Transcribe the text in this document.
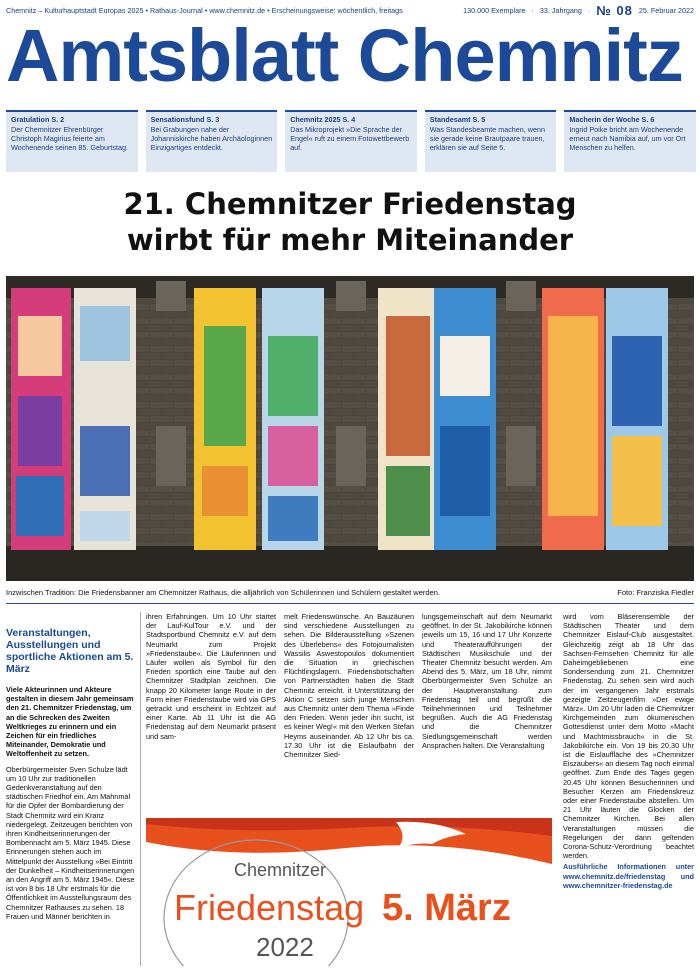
Chemnitz – Kulturhauptstadt Europas 2025 • Rathaus-Journal • www.chemnitz.de • Erscheinungsweise: wöchentlich, freitags	130.000 Exemplare · 33. Jahrgang · № 08 25. Februar 2022
Amtsblatt Chemnitz
Gratulation S. 2
Der Chemnitzer Ehrenbürger Christoph Magirius feierte am Wochenende seinen 85. Geburtstag.
Sensationsfund S. 3
Bei Grabungen nahe der Johanniskirche haben Archäologinnen Einzigartiges entdeckt.
Chemnitz 2025 S. 4
Das Mikroprojekt »Die Sprache der Engel« ruft zu einem Fotowettbewerb auf.
Standesamt S. 5
Was Standesbeamte machen, wenn sie gerade keine Brautpaare trauen, erklären sie auf Seite 5.
Macherin der Woche S. 6
Ingrid Poike bricht am Wochenende erneut nach Namibia auf, um vor Ort Menschen zu helfen.
21. Chemnitzer Friedenstag
wirbt für mehr Miteinander
Inzwischen Tradition: Die Friedensbanner am Chemnitzer Rathaus, die alljährlich von Schülerinnen und Schülern gestaltet werden.	Foto: Franziska Fiedler
Veranstaltungen, Ausstellungen und sportliche Aktionen am 5. März

Viele Akteurinnen und Akteure gestalten in diesem Jahr gemeinsam den 21. Chemnitzer Friedenstag, um an die Schrecken des Zweiten Weltkrieges zu erinnern und ein Zeichen für ein friedliches Miteinander, Demokratie und Weltoffenheit zu setzen.

Oberbürgermeister Sven Schulze lädt um 10 Uhr zur traditionellen Gedenkveranstaltung auf den städtischen Friedhof ein. Am Mahnmal für die Opfer der Bombardierung der Stadt Chemnitz wird ein Kranz niedergelegt. Zeitzeugen berichten von ihren Kindheitserinnerungen der Bombennacht am 5. März 1945. Diese Erinnerungen stehen auch im Mittelpunkt der Ausstellung »Bei Eintritt der Dunkelheit – Kindheitserinnerungen an den Angriff am 5. März 1945«. Diese ist von 8 bis 18 Uhr erstmals für die Öffentlichkeit im Ausstellungsraum des Chemnitzer Rathauses zu sehen. 18 Frauen und Männer berichten in

ihren Erfahrungen. Um 10 Uhr startet der Lauf-KulTour e.V. und der Stadtsportbund Chemnitz e.V. auf dem Neumarkt zum Projekt »Friedenstaube«. Die Läuferinnen und Läufer wollen als Symbol für den Frieden sportlich eine Taube auf den Chemnitzer Stadtplan zeichnen. Die knapp 20 Kilometer lange Route in der Form einer Friedenstaube wird via GPS getrackt und erscheint in Echtzeit auf einer Karte. Ab 11 Uhr ist die AG Friedenstag auf dem Neumarkt präsent und sam-

melt Friedenswünsche. An Bauzäunen sind verschiedene Ausstellungen zu sehen. Die Bilderausstellung »Szenen des Überlebens« des Fotojournalisten Wassilis Aswestopoulos dokumentiert die Situation in griechischen Flüchtlingslagern. Friedensbotschaften von Partnerstädten haben die Stadt Chemnitz erreicht. it Unterstützung der Aktion C setzen sich junge Menschen aus Chemnitz unter dem Thema »Finde den Frieden. Wenn jeder ihn sucht, ist es keiner Weg!« mit den Werken Stefan Heyms auseinander. Ab 12 Uhr bis ca. 17.30 Uhr ist die Eislaufbahn der Chemnitzer Sied-

lungsgemeinschaft auf dem Neumarkt geöffnet. In der St. Jakobikirche können jeweils um 15, 16 und 17 Uhr Konzerte und Theateraufführungen der Städtischen Musikschule und der Theater Chemnitz besucht werden. Am Abend des 5. März, um 18 Uhr, nimmt Oberbürgermeister Sven Schulze an der Hauptveranstaltung zum Friedenstag teil und begrüßt die Teilnehmerinnen und Teilnehmer begrüßen. Auch die AG Friedenstag und die Chemnitzer Siedlungsgemeinschaft werden Ansprachen halten. Die Veranstaltung

wird vom Bläserensemble der Städtischen Theater und dem Chemnitzer Eislauf-Club ausgestaltet. Gleichzeitig zeigt ab 18 Uhr das Sachsen-Fernsehen Chemnitz für alle Daheimgebliebenen eine Sondersendung zum 21. Chemnitzer Friedenstag. Zu sehen sein wird auch der im vergangenen Jahr erstmals gezeigte Zeitzeugenfilm »Der ewige März«. Um 20 Uhr laden die Chemnitzer Kirchgemeinden zum ökumenischen Gottesdienst unter dem Motto »Macht und Machtmissbrauch« in die St. Jakobikirche ein. Von 19 bis 20.30 Uhr ist die Eislauffläche des »Chemnitzer Eiszaubers« an diesem Tag noch einmal geöffnet. Zum Ende des Tages gegen 20.45 Uhr können Besucherinnen und Besucher Kerzen am Friedenskreuz oder einer Friedenstaube abstellen. Um 21 Uhr läuten die Glocken der Chemnitzer Kirchen. Bei allen Veranstaltungen müssen die Regelungen der dann geltenden Corona-Schutz-Verordnung beachtet werden.

Ausführliche Informationen unter www.chemnitz.de/friedenstag und www.chemnitzer-friedenstag.de

Chemnitzer
Friedenstag 5. März
2022
